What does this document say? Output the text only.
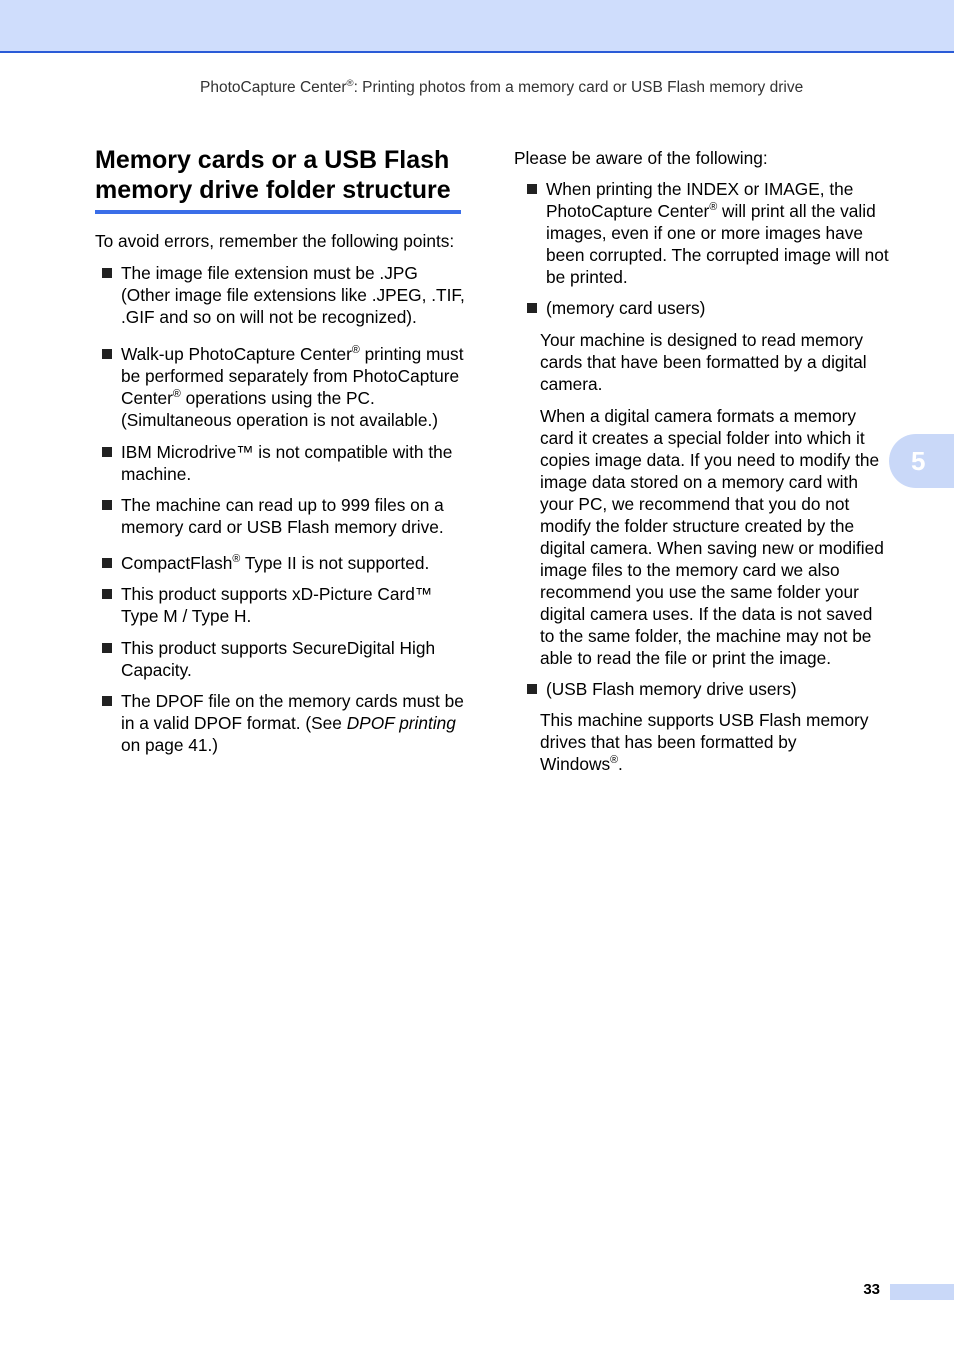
PhotoCapture Center®: Printing photos from a memory card or USB Flash memory drive
Memory cards or a USB Flash
memory drive folder structure

To avoid errors, remember the following points:

The image file extension must be .JPG (Other image file extensions like .JPEG, .TIF, .GIF and so on will not be recognized).
Walk-up PhotoCapture Center® printing must be performed separately from PhotoCapture Center® operations using the PC. (Simultaneous operation is not available.)
IBM Microdrive™ is not compatible with the machine.
The machine can read up to 999 files on a memory card or USB Flash memory drive.
CompactFlash® Type II is not supported.
This product supports xD-Picture Card™ Type M / Type H.
This product supports SecureDigital High Capacity.
The DPOF file on the memory cards must be in a valid DPOF format. (See DPOF printing on page 41.)

Please be aware of the following:

When printing the INDEX or IMAGE, the PhotoCapture Center® will print all the valid images, even if one or more images have been corrupted. The corrupted image will not be printed.
(memory card users)

Your machine is designed to read memory cards that have been formatted by a digital camera.

When a digital camera formats a memory card it creates a special folder into which it copies image data. If you need to modify the image data stored on a memory card with your PC, we recommend that you do not modify the folder structure created by the digital camera. When saving new or modified image files to the memory card we also recommend you use the same folder your digital camera uses. If the data is not saved to the same folder, the machine may not be able to read the file or print the image.

(USB Flash memory drive users)

This machine supports USB Flash memory drives that has been formatted by Windows®.

5
33
